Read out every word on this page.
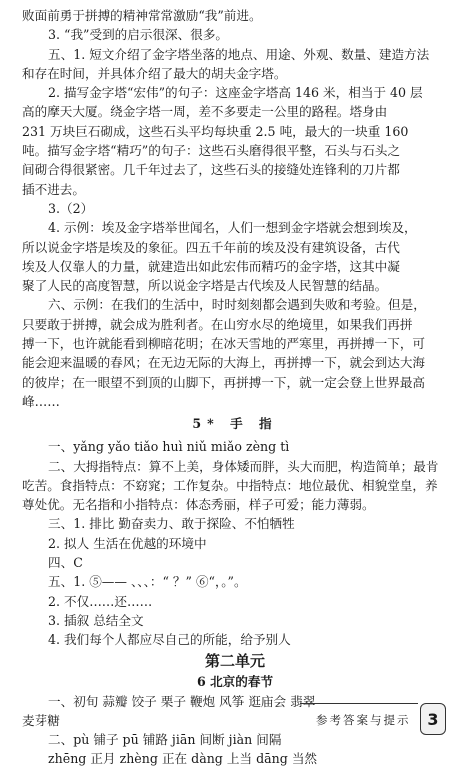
败面前勇于拼搏的精神常常激励“我”前进。

3. “我”受到的启示很深、很多。

五、1. 短文介绍了金字塔坐落的地点、用途、外观、数量、建造方法

和存在时间，并具体介绍了最大的胡夫金字塔。

2. 描写金字塔“宏伟”的句子：这座金字塔高 146 米，相当于 40 层

高的摩天大厦。绕金字塔一周，差不多要走一公里的路程。塔身由

231 万块巨石砌成，这些石头平均每块重 2.5 吨，最大的一块重 160

吨。描写金字塔“精巧”的句子：这些石头磨得很平整，石头与石头之

间砌合得很紧密。几千年过去了，这些石头的接缝处连锋利的刀片都

插不进去。

3.（2）

4. 示例：埃及金字塔举世闻名，人们一想到金字塔就会想到埃及，

所以说金字塔是埃及的象征。四五千年前的埃及没有建筑设备，古代

埃及人仅靠人的力量，就建造出如此宏伟而精巧的金字塔，这其中凝

聚了人民的高度智慧，所以说金字塔是古代埃及人民智慧的结晶。

六、示例：在我们的生活中，时时刻刻都会遇到失败和考验。但是，

只要敢于拼搏，就会成为胜利者。在山穷水尽的绝境里，如果我们再拼

搏一下，也许就能看到柳暗花明；在冰天雪地的严寒里，再拼搏一下，可

能会迎来温暖的春风；在无边无际的大海上，再拼搏一下，就会到达大海

的彼岸；在一眼望不到顶的山脚下，再拼搏一下，就一定会登上世界最高

峰……

5* 手 指

一、yǎng yǎo tiǎo huì niǔ miǎo zèng tì

二、大拇指特点：算不上美，身体矮而胖，头大而肥，构造简单；最肯

吃苦。食指特点：不窈窕；工作复杂。中指特点：地位最优、相貌堂皇，养

尊处优。无名指和小指特点：体态秀丽，样子可爱；能力薄弱。

三、1. 排比 勤奋卖力、敢于探险、不怕牺牲

2. 拟人 生活在优越的环境中

四、C

五、1. ⑤—— 、、、：“ ？” ⑥“，。”。

2. 不仅……还……

3. 插叙 总结全文

4. 我们每个人都应尽自己的所能，给予别人

第二单元

6 北京的春节

一、初旬 蒜瓣 饺子 栗子 鞭炮 风筝 逛庙会 翡翠

麦芽糖

二、pù 铺子 pū 铺路 jiān 间断 jiàn 间隔

zhēng 正月 zhèng 正在 dàng 上当 dāng 当然

参考答案与提示	3
